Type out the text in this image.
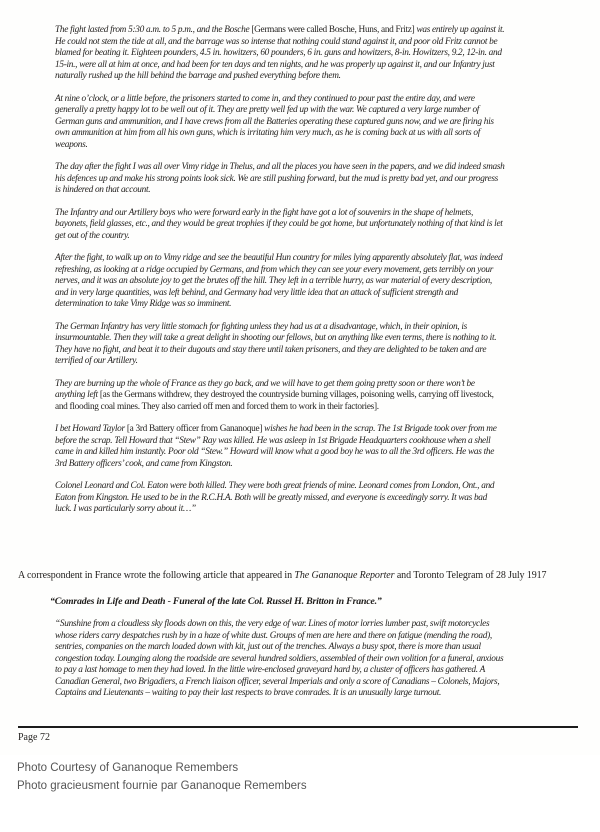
The fight lasted from 5:30 a.m. to 5 p.m., and the Bosche [Germans were called Bosche, Huns, and Fritz] was entirely up against it. He could not stem the tide at all, and the barrage was so intense that nothing could stand against it, and poor old Fritz cannot be blamed for beating it. Eighteen pounders, 4.5 in. howitzers, 60 pounders, 6 in. guns and howitzers, 8-in. Howitzers, 9.2, 12-in. and 15-in., were all at him at once, and had been for ten days and ten nights, and he was properly up against it, and our Infantry just naturally rushed up the hill behind the barrage and pushed everything before them.

At nine o’clock, or a little before, the prisoners started to come in, and they continued to pour past the entire day, and were generally a pretty happy lot to be well out of it. They are pretty well fed up with the war. We captured a very large number of German guns and ammunition, and I have crews from all the Batteries operating these captured guns now, and we are firing his own ammunition at him from all his own guns, which is irritating him very much, as he is coming back at us with all sorts of weapons.

The day after the fight I was all over Vimy ridge in Thelus, and all the places you have seen in the papers, and we did indeed smash his defences up and make his strong points look sick. We are still pushing forward, but the mud is pretty bad yet, and our progress is hindered on that account.

The Infantry and our Artillery boys who were forward early in the fight have got a lot of souvenirs in the shape of helmets, bayonets, field glasses, etc., and they would be great trophies if they could be got home, but unfortunately nothing of that kind is let get out of the country.

After the fight, to walk up on to Vimy ridge and see the beautiful Hun country for miles lying apparently absolutely flat, was indeed refreshing, as looking at a ridge occupied by Germans, and from which they can see your every movement, gets terribly on your nerves, and it was an absolute joy to get the brutes off the hill. They left in a terrible hurry, as war material of every description, and in very large quantities, was left behind, and Germany had very little idea that an attack of sufficient strength and determination to take Vimy Ridge was so imminent.

The German Infantry has very little stomach for fighting unless they had us at a disadvantage, which, in their opinion, is insurmountable. Then they will take a great delight in shooting our fellows, but on anything like even terms, there is nothing to it. They have no fight, and beat it to their dugouts and stay there until taken prisoners, and they are delighted to be taken and are terrified of our Artillery.

They are burning up the whole of France as they go back, and we will have to get them going pretty soon or there won’t be anything left [as the Germans withdrew, they destroyed the countryside burning villages, poisoning wells, carrying off livestock, and flooding coal mines. They also carried off men and forced them to work in their factories].

I bet Howard Taylor [a 3rd Battery officer from Gananoque] wishes he had been in the scrap. The 1st Brigade took over from me before the scrap. Tell Howard that “Stew” Ray was killed. He was asleep in 1st Brigade Headquarters cookhouse when a shell came in and killed him instantly. Poor old “Stew.” Howard will know what a good boy he was to all the 3rd officers. He was the 3rd Battery officers’ cook, and came from Kingston.

Colonel Leonard and Col. Eaton were both killed. They were both great friends of mine. Leonard comes from London, Ont., and Eaton from Kingston. He used to be in the R.C.H.A. Both will be greatly missed, and everyone is exceedingly sorry. It was bad luck. I was particularly sorry about it…”

A correspondent in France wrote the following article that appeared in The Gananoque Reporter and Toronto Telegram of 28 July 1917

“Comrades in Life and Death - Funeral of the late Col. Russel H. Britton in France.”

“Sunshine from a cloudless sky floods down on this, the very edge of war. Lines of motor lorries lumber past, swift motorcycles whose riders carry despatches rush by in a haze of white dust. Groups of men are here and there on fatigue (mending the road), sentries, companies on the march loaded down with kit, just out of the trenches. Always a busy spot, there is more than usual congestion today. Lounging along the roadside are several hundred soldiers, assembled of their own volition for a funeral, anxious to pay a last homage to men they had loved. In the little wire-enclosed graveyard hard by, a cluster of officers has gathered. A Canadian General, two Brigadiers, a French liaison officer, several Imperials and only a score of Canadians – Colonels, Majors, Captains and Lieutenants – waiting to pay their last respects to brave comrades. It is an unusually large turnout.

Page 72
Photo Courtesy of Gananoque Remembers
Photo gracieusment fournie par Gananoque Remembers
